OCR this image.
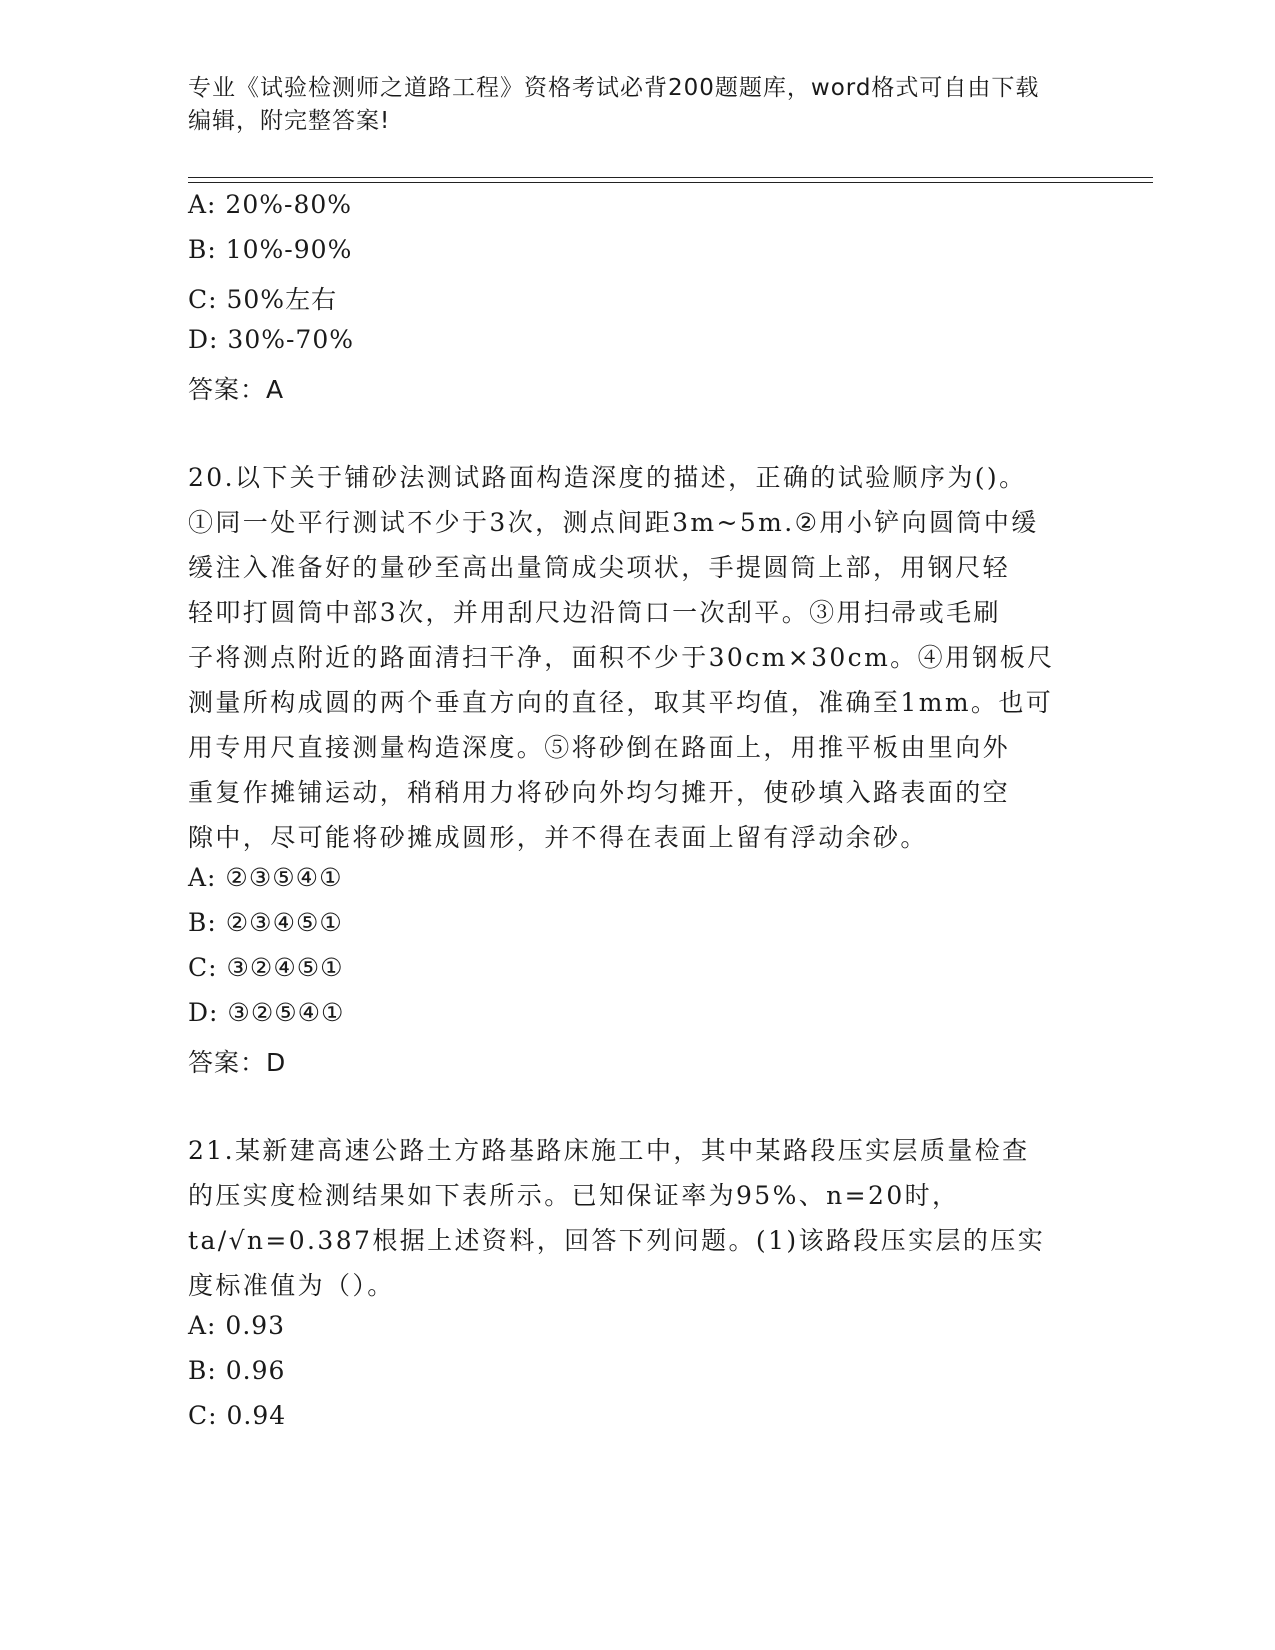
专业《试验检测师之道路工程》资格考试必背200题题库，word格式可自由下载
编辑，附完整答案!
A: 20%-80%
B: 10%-90%
C: 50%左右
D: 30%-70%
答案：A
20.以下关于铺砂法测试路面构造深度的描述，正确的试验顺序为()。
①同一处平行测试不少于3次，测点间距3m~5m.②用小铲向圆筒中缓
缓注入准备好的量砂至高出量筒成尖项状，手提圆筒上部，用钢尺轻
轻叩打圆筒中部3次，并用刮尺边沿筒口一次刮平。③用扫帚或毛刷
子将测点附近的路面清扫干净，面积不少于30cm×30cm。④用钢板尺
测量所构成圆的两个垂直方向的直径，取其平均值，准确至1mm。也可
用专用尺直接测量构造深度。⑤将砂倒在路面上，用推平板由里向外
重复作摊铺运动，稍稍用力将砂向外均匀摊开，使砂填入路表面的空
隙中，尽可能将砂摊成圆形，并不得在表面上留有浮动余砂。
A: ②③⑤④①
B: ②③④⑤①
C: ③②④⑤①
D: ③②⑤④①
答案：D
21.某新建高速公路土方路基路床施工中，其中某路段压实层质量检查
的压实度检测结果如下表所示。已知保证率为95%、n=20时，
ta/√n=0.387根据上述资料，回答下列问题。(1)该路段压实层的压实
度标准值为（）。
A: 0.93
B: 0.96
C: 0.94
